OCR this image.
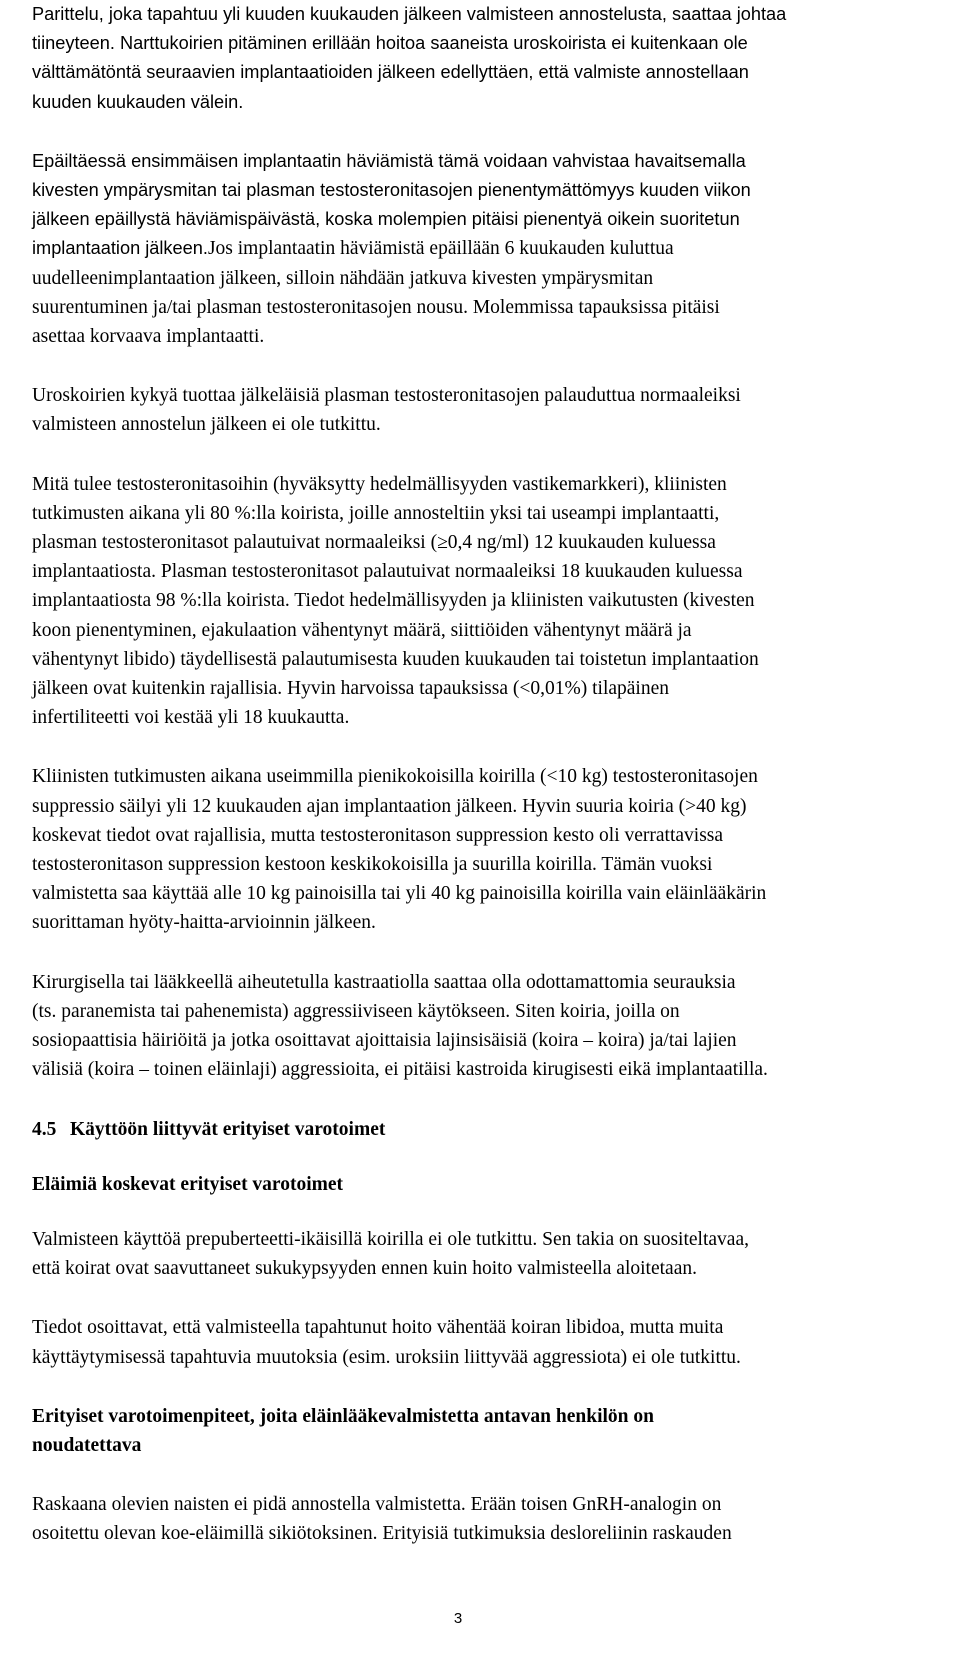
Parittelu, joka tapahtuu yli kuuden kuukauden jälkeen valmisteen annostelusta, saattaa johtaa

tiineyteen. Narttukoirien pitäminen erillään hoitoa saaneista uroskoirista ei kuitenkaan ole

välttämätöntä seuraavien implantaatioiden jälkeen edellyttäen, että valmiste annostellaan

kuuden kuukauden välein.

Epäiltäessä ensimmäisen implantaatin häviämistä tämä voidaan vahvistaa havaitsemalla

kivesten ympärysmitan tai plasman testosteronitasojen pienentymättömyys kuuden viikon

jälkeen epäillystä häviämispäivästä, koska molempien pitäisi pienentyä oikein suoritetun

implantaation jälkeen.Jos implantaatin häviämistä epäillään 6 kuukauden kuluttua

uudelleenimplantaation jälkeen, silloin nähdään jatkuva kivesten ympärysmitan

suurentuminen ja/tai plasman testosteronitasojen nousu. Molemmissa tapauksissa pitäisi

asettaa korvaava implantaatti.

Uroskoirien kykyä tuottaa jälkeläisiä plasman testosteronitasojen palauduttua normaaleiksi

valmisteen annostelun jälkeen ei ole tutkittu.

Mitä tulee testosteronitasoihin (hyväksytty hedelmällisyyden vastikemarkkeri), kliinisten

tutkimusten aikana yli 80 %:lla koirista, joille annosteltiin yksi tai useampi implantaatti,

plasman testosteronitasot palautuivat normaaleiksi (≥0,4 ng/ml) 12 kuukauden kuluessa

implantaatiosta. Plasman testosteronitasot palautuivat normaaleiksi 18 kuukauden kuluessa

implantaatiosta 98 %:lla koirista. Tiedot hedelmällisyyden ja kliinisten vaikutusten (kivesten

koon pienentyminen, ejakulaation vähentynyt määrä, siittiöiden vähentynyt määrä ja

vähentynyt libido) täydellisestä palautumisesta kuuden kuukauden tai toistetun implantaation

jälkeen ovat kuitenkin rajallisia. Hyvin harvoissa tapauksissa (<0,01%) tilapäinen

infertiliteetti voi kestää yli 18 kuukautta.

Kliinisten tutkimusten aikana useimmilla pienikokoisilla koirilla (<10 kg) testosteronitasojen

suppressio säilyi yli 12 kuukauden ajan implantaation jälkeen. Hyvin suuria koiria (>40 kg)

koskevat tiedot ovat rajallisia, mutta testosteronitason suppression kesto oli verrattavissa

testosteronitason suppression kestoon keskikokoisilla ja suurilla koirilla. Tämän vuoksi

valmistetta saa käyttää alle 10 kg painoisilla tai yli 40 kg painoisilla koirilla vain eläinlääkärin

suorittaman hyöty-haitta-arvioinnin jälkeen.

Kirurgisella tai lääkkeellä aiheutetulla kastraatiolla saattaa olla odottamattomia seurauksia

(ts. paranemista tai pahenemista) aggressiiviseen käytökseen. Siten koiria, joilla on

sosiopaattisia häiriöitä ja jotka osoittavat ajoittaisia lajinsisäisiä (koira – koira) ja/tai lajien

välisiä (koira – toinen eläinlaji) aggressioita, ei pitäisi kastroida kirugisesti eikä implantaatilla.

4.5 Käyttöön liittyvät erityiset varotoimet
Eläimiä koskevat erityiset varotoimet

Valmisteen käyttöä prepuberteetti-ikäisillä koirilla ei ole tutkittu. Sen takia on suositeltavaa,

että koirat ovat saavuttaneet sukukypsyyden ennen kuin hoito valmisteella aloitetaan.

Tiedot osoittavat, että valmisteella tapahtunut hoito vähentää koiran libidoa, mutta muita

käyttäytymisessä tapahtuvia muutoksia (esim. uroksiin liittyvää aggressiota) ei ole tutkittu.

Erityiset varotoimenpiteet, joita eläinlääkevalmistetta antavan henkilön on
noudatettava

Raskaana olevien naisten ei pidä annostella valmistetta. Erään toisen GnRH-analogin on

osoitettu olevan koe-eläimillä sikiötoksinen. Erityisiä tutkimuksia desloreliinin raskauden

3
